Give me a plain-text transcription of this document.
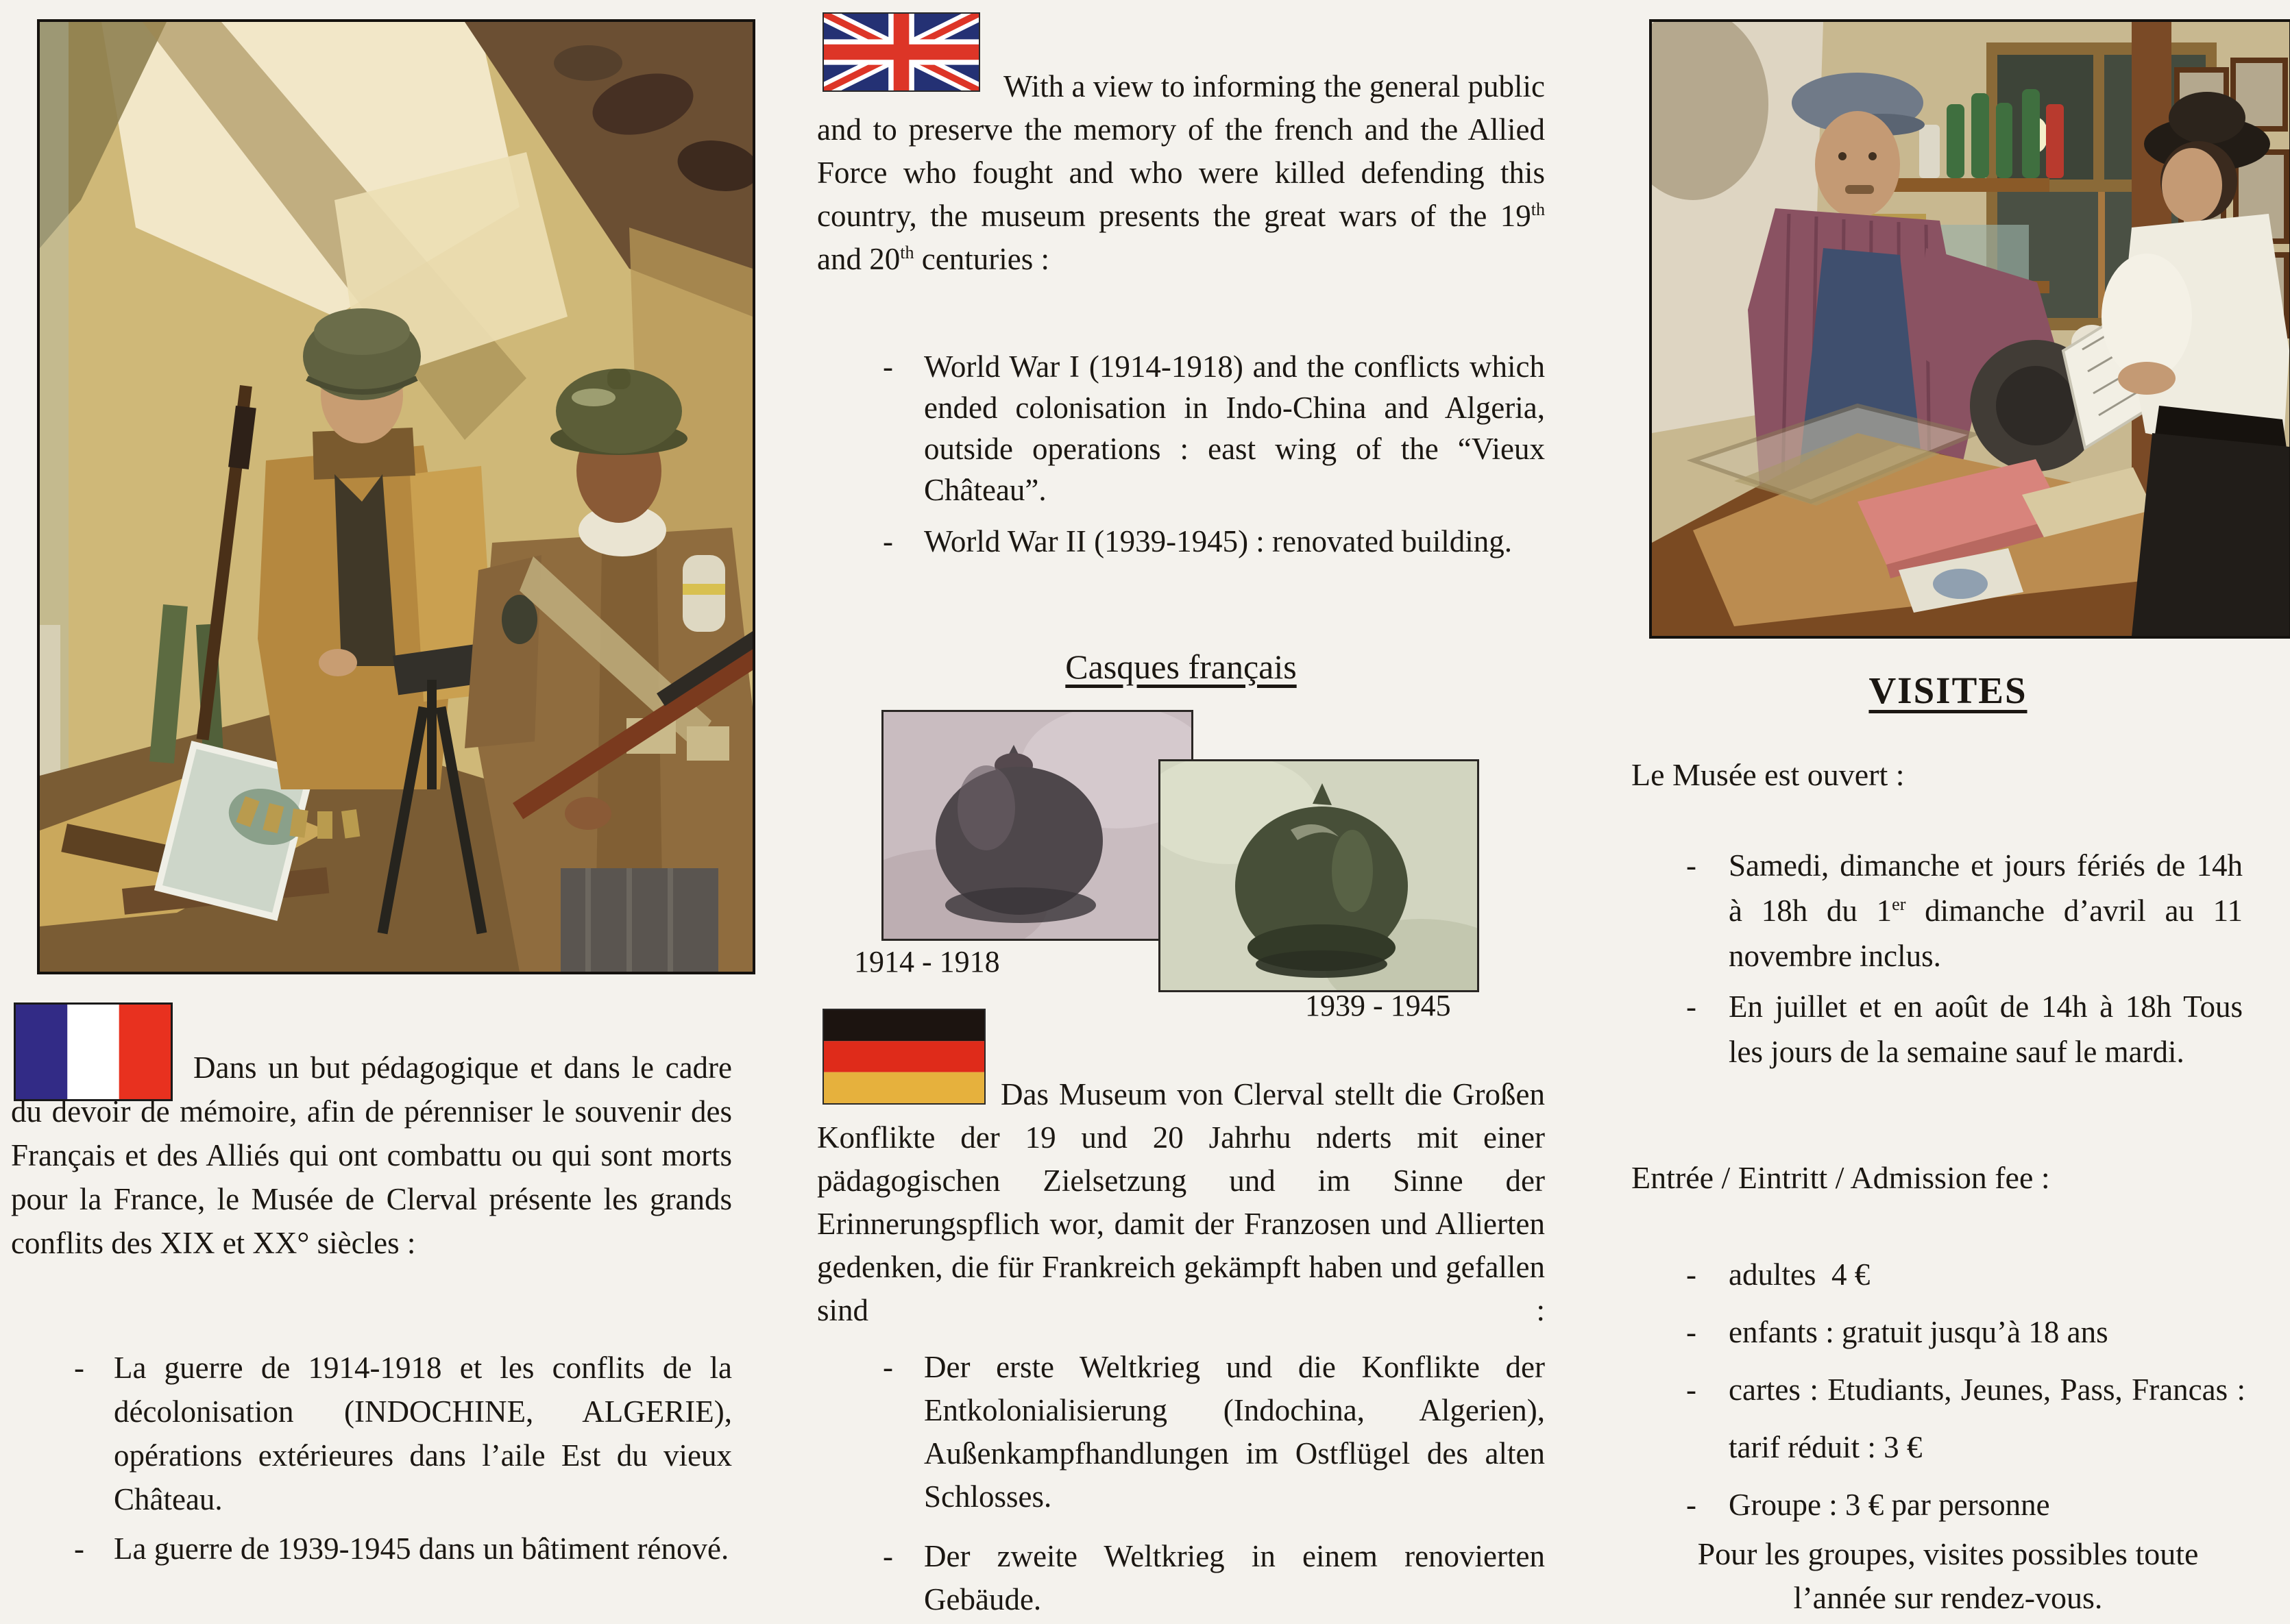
Dans un but pédagogique et dans le cadre du devoir de mémoire, afin de pérenniser le souvenir des Français et des Alliés qui ont combattu ou qui sont morts pour la France, le Musée de Clerval présente les grands conflits des XIX et XX° siècles :

- La guerre de 1914-1918 et les conflits de la décolonisation (INDOCHINE, ALGERIE), opérations extérieures dans l’aile Est du vieux Château.
- La guerre de 1939-1945 dans un bâtiment rénové.

With a view to informing the general public and to preserve the memory of the french and the Allied Force who fought and who were killed defending this country, the museum presents the great wars of the 19th and 20th centuries :

-	World War I (1914-1918) and the conflicts which ended colonisation in Indo-China and Algeria, outside operations : east wing of the “Vieux Château”.
-	World War II (1939-1945) : renovated building.
Casques français
1914 - 1918
1939 - 1945

Das Museum von Clerval stellt die Großen Konflikte der 19 und 20 Jahrhu nderts mit einer pädagogischen Zielsetzung und im Sinne der Erinnerungspflich wor, damit der Franzosen und Allierten gedenken, die für Frankreich gekämpft haben und gefallen sind :

-	Der erste Weltkrieg und die Konflikte der Entkolonialisierung (Indochina, Algerien), Außenkampfhandlungen im Ostflügel des alten Schlosses.
-	Der zweite Weltkrieg in einem renovierten Gebäude.
VISITES
Le Musée est ouvert :
-	Samedi, dimanche et jours fériés de 14h à 18h du 1er dimanche d’avril au 11 novembre inclus.
-	En juillet et en août de 14h à 18h Tous les jours de la semaine sauf le mardi.
Entrée / Eintritt / Admission fee :
-	adultes  4 €
-	enfants : gratuit jusqu’à 18 ans
-	cartes : Etudiants, Jeunes, Pass, Francas : tarif réduit : 3 €
-	Groupe : 3 € par personne
Pour les groupes, visites possibles toute
l’année sur rendez-vous.
